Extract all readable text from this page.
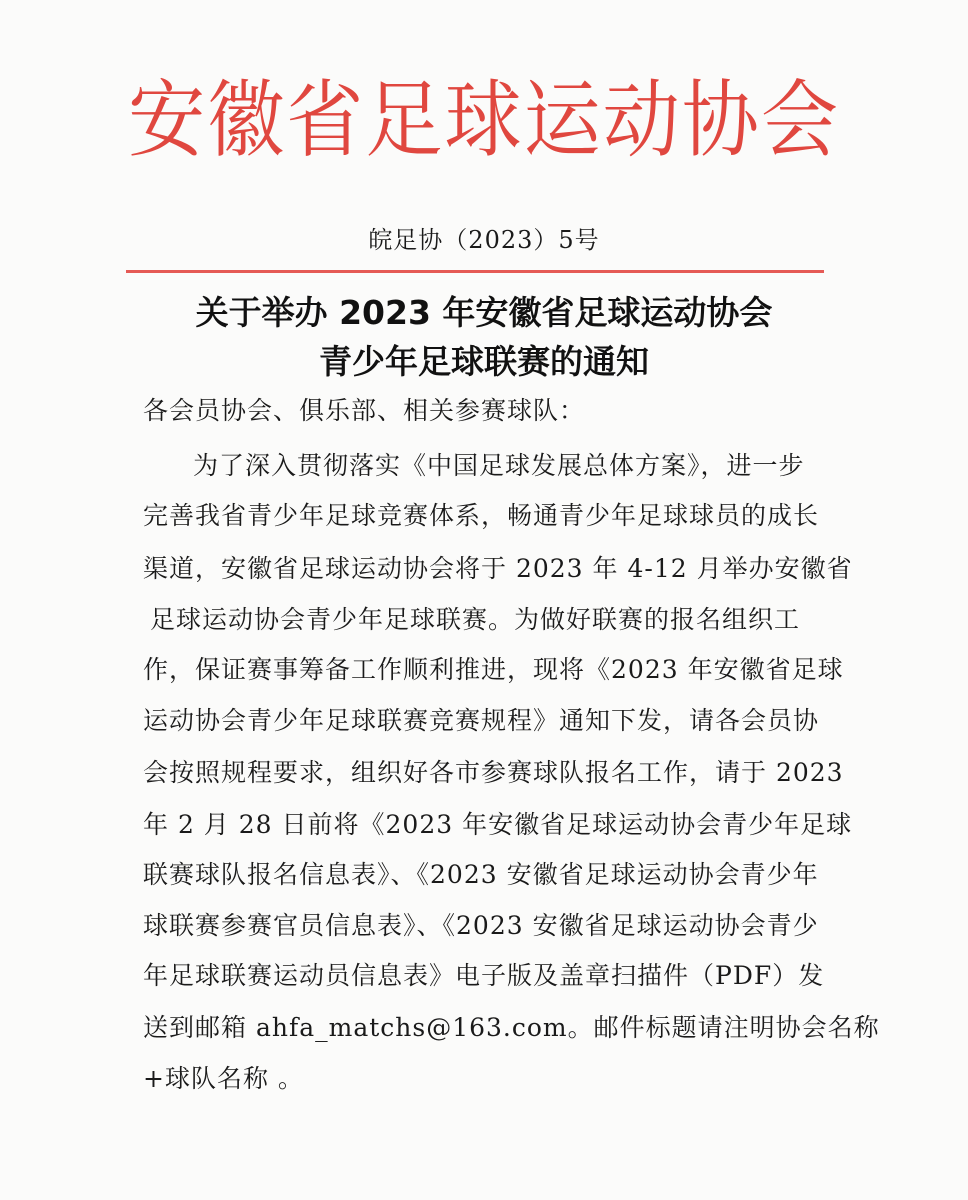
安徽省足球运动协会
皖足协（2023）5号
关于举办 2023 年安徽省足球运动协会
青少年足球联赛的通知
各会员协会、俱乐部、相关参赛球队：
为了深入贯彻落实《中国足球发展总体方案》，进一步
完善我省青少年足球竞赛体系，畅通青少年足球球员的成长
渠道，安徽省足球运动协会将于 2023 年 4-12 月举办安徽省
足球运动协会青少年足球联赛。为做好联赛的报名组织工
作，保证赛事筹备工作顺利推进，现将《2023 年安徽省足球
运动协会青少年足球联赛竞赛规程》通知下发，请各会员协
会按照规程要求，组织好各市参赛球队报名工作，请于 2023
年 2 月 28 日前将《2023 年安徽省足球运动协会青少年足球
联赛球队报名信息表》、《2023 安徽省足球运动协会青少年
球联赛参赛官员信息表》、《2023 安徽省足球运动协会青少
年足球联赛运动员信息表》电子版及盖章扫描件（PDF）发
送到邮箱 ahfa_matchs@163.com。邮件标题请注明协会名称
+球队名称 。
